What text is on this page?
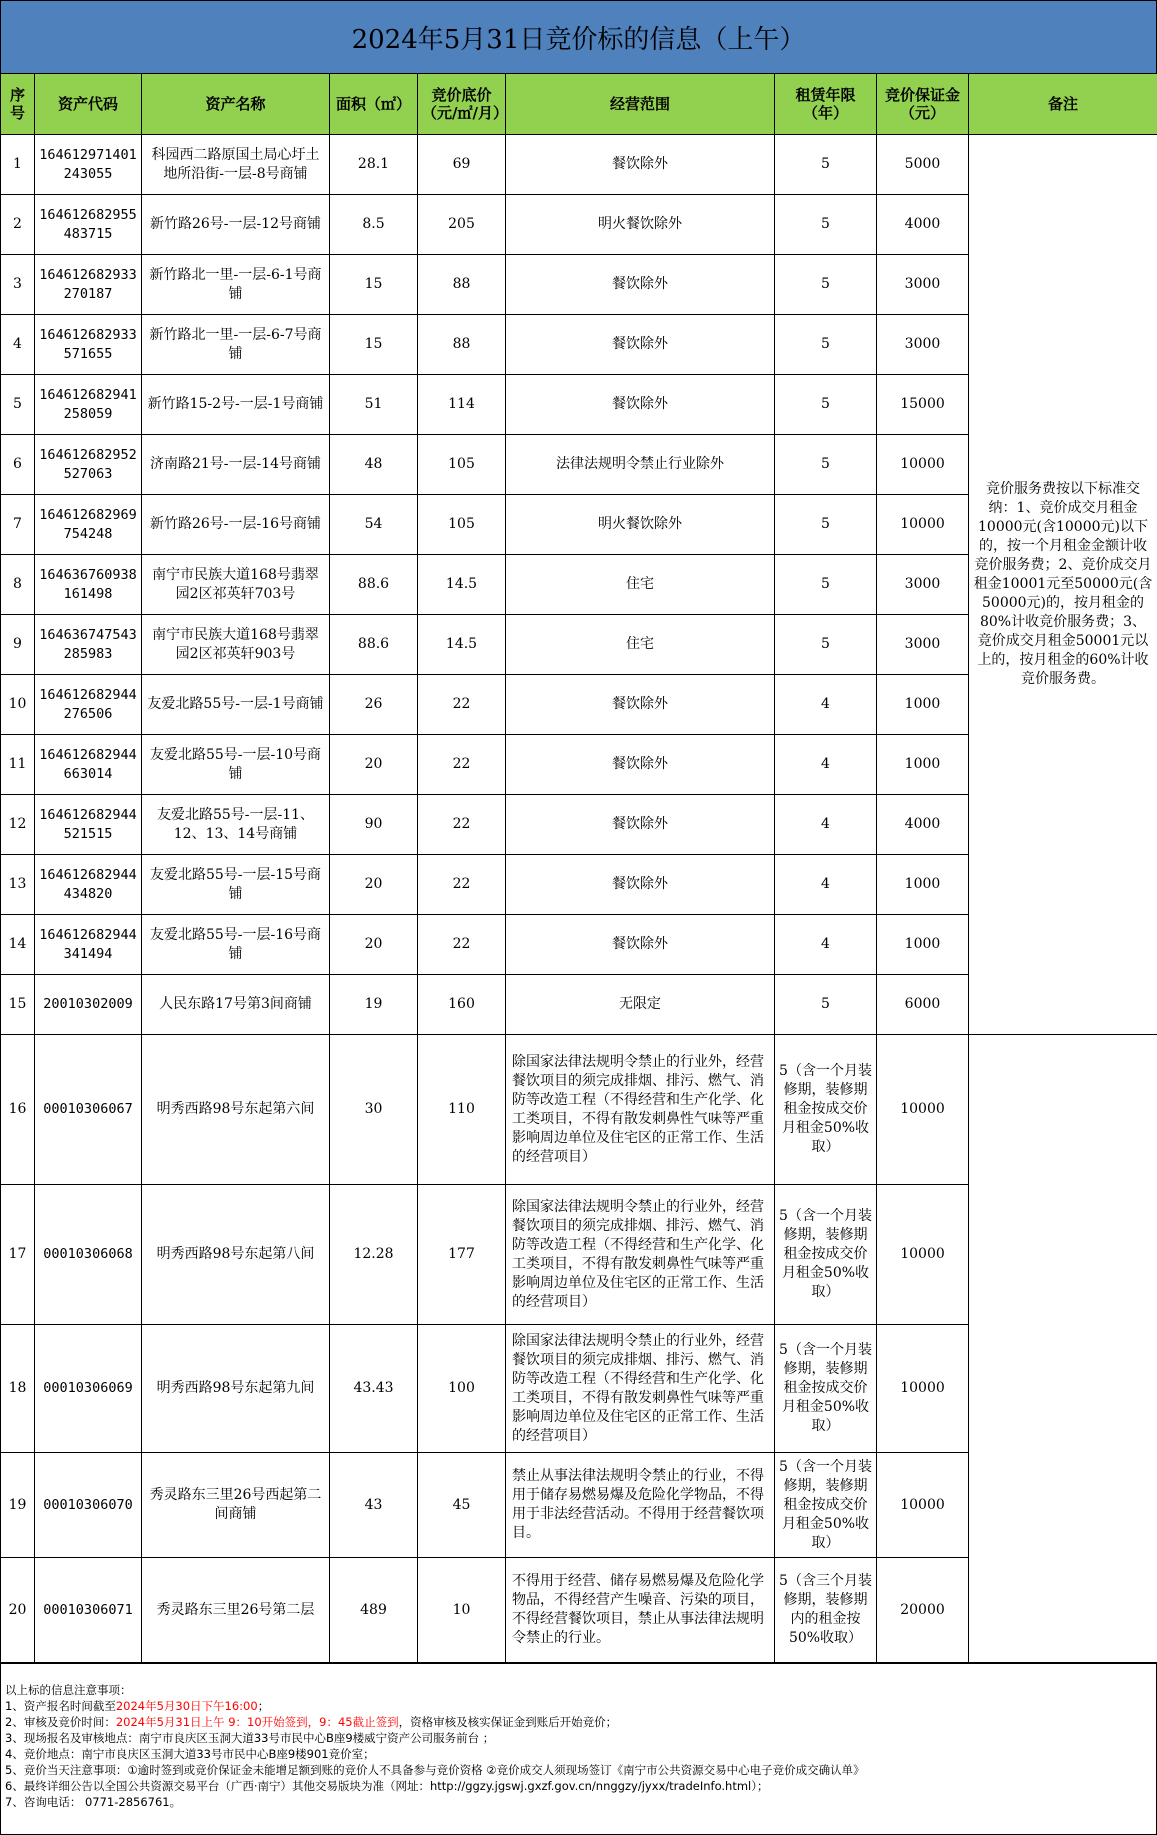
2024年5月31日竞价标的信息（上午）
序号	资产代码	资产名称	面积（㎡）	竞价底价（元/㎡/月）	经营范围	租赁年限（年）	竞价保证金（元）	备注
1	164612971401243055	科园西二路原国土局心圩土地所沿街-一层-8号商铺	28.1	69	餐饮除外	5	5000	竞价服务费按以下标准交纳：1、竞价成交月租金10000元(含10000元)以下的，按一个月租金金额计收竞价服务费；2、竞价成交月租金10001元至50000元(含50000元)的，按月租金的80%计收竞价服务费；3、竞价成交月租金50001元以上的，按月租金的60%计收竞价服务费。
2	164612682955483715	新竹路26号-一层-12号商铺	8.5	205	明火餐饮除外	5	4000	
3	164612682933270187	新竹路北一里-一层-6-1号商铺	15	88	餐饮除外	5	3000	
4	164612682933571655	新竹路北一里-一层-6-7号商铺	15	88	餐饮除外	5	3000	
5	164612682941258059	新竹路15-2号-一层-1号商铺	51	114	餐饮除外	5	15000	
6	164612682952527063	济南路21号-一层-14号商铺	48	105	法律法规明令禁止行业除外	5	10000	
7	164612682969754248	新竹路26号-一层-16号商铺	54	105	明火餐饮除外	5	10000	
8	164636760938161498	南宁市民族大道168号翡翠园2区祁英轩703号	88.6	14.5	住宅	5	3000	
9	164636747543285983	南宁市民族大道168号翡翠园2区祁英轩903号	88.6	14.5	住宅	5	3000	
10	164612682944276506	友爱北路55号-一层-1号商铺	26	22	餐饮除外	4	1000	
11	164612682944663014	友爱北路55号-一层-10号商铺	20	22	餐饮除外	4	1000	
12	164612682944521515	友爱北路55号-一层-11、12、13、14号商铺	90	22	餐饮除外	4	4000	
13	164612682944434820	友爱北路55号-一层-15号商铺	20	22	餐饮除外	4	1000	
14	164612682944341494	友爱北路55号-一层-16号商铺	20	22	餐饮除外	4	1000	
15	20010302009	人民东路17号第3间商铺	19	160	无限定	5	6000	
16	00010306067	明秀西路98号东起第六间	30	110	除国家法律法规明令禁止的行业外，经营餐饮项目的须完成排烟、排污、燃气、消防等改造工程（不得经营和生产化学、化工类项目，不得有散发刺鼻性气味等严重影响周边单位及住宅区的正常工作、生活的经营项目）	5（含一个月装修期，装修期租金按成交价月租金50%收取）	10000	
17	00010306068	明秀西路98号东起第八间	12.28	177	除国家法律法规明令禁止的行业外，经营餐饮项目的须完成排烟、排污、燃气、消防等改造工程（不得经营和生产化学、化工类项目，不得有散发刺鼻性气味等严重影响周边单位及住宅区的正常工作、生活的经营项目）	5（含一个月装修期，装修期租金按成交价月租金50%收取）	10000	
18	00010306069	明秀西路98号东起第九间	43.43	100	除国家法律法规明令禁止的行业外，经营餐饮项目的须完成排烟、排污、燃气、消防等改造工程（不得经营和生产化学、化工类项目，不得有散发刺鼻性气味等严重影响周边单位及住宅区的正常工作、生活的经营项目）	5（含一个月装修期，装修期租金按成交价月租金50%收取）	10000	
19	00010306070	秀灵路东三里26号西起第二间商铺	43	45	禁止从事法律法规明令禁止的行业，不得用于储存易燃易爆及危险化学物品，不得用于非法经营活动。不得用于经营餐饮项目。	5（含一个月装修期，装修期租金按成交价月租金50%收取）	10000	
20	00010306071	秀灵路东三里26号第二层	489	10	不得用于经营、储存易燃易爆及危险化学物品，不得经营产生噪音、污染的项目，不得经营餐饮项目，禁止从事法律法规明令禁止的行业。	5（含三个月装修期，装修期内的租金按50%收取）	20000	
以上标的信息注意事项：
1、资产报名时间截至2024年5月30日下午16:00；
2、审核及竞价时间：2024年5月31日上午 9：10开始签到，9：45截止签到，资格审核及核实保证金到账后开始竞价；
3、现场报名及审核地点：南宁市良庆区玉洞大道33号市民中心B座9楼威宁资产公司服务前台 ；
4、竞价地点：南宁市良庆区玉洞大道33号市民中心B座9楼901竞价室；
5、竞价当天注意事项：①逾时签到或竞价保证金未能增足额到账的竞价人不具备参与竞价资格 ②竞价成交人须现场签订《南宁市公共资源交易中心电子竞价成交确认单》
6、最终详细公告以全国公共资源交易平台（广西·南宁）其他交易版块为准（网址：http://ggzy.jgswj.gxzf.gov.cn/nnggzy/jyxx/tradeInfo.html）；
7、咨询电话： 0771-2856761。
